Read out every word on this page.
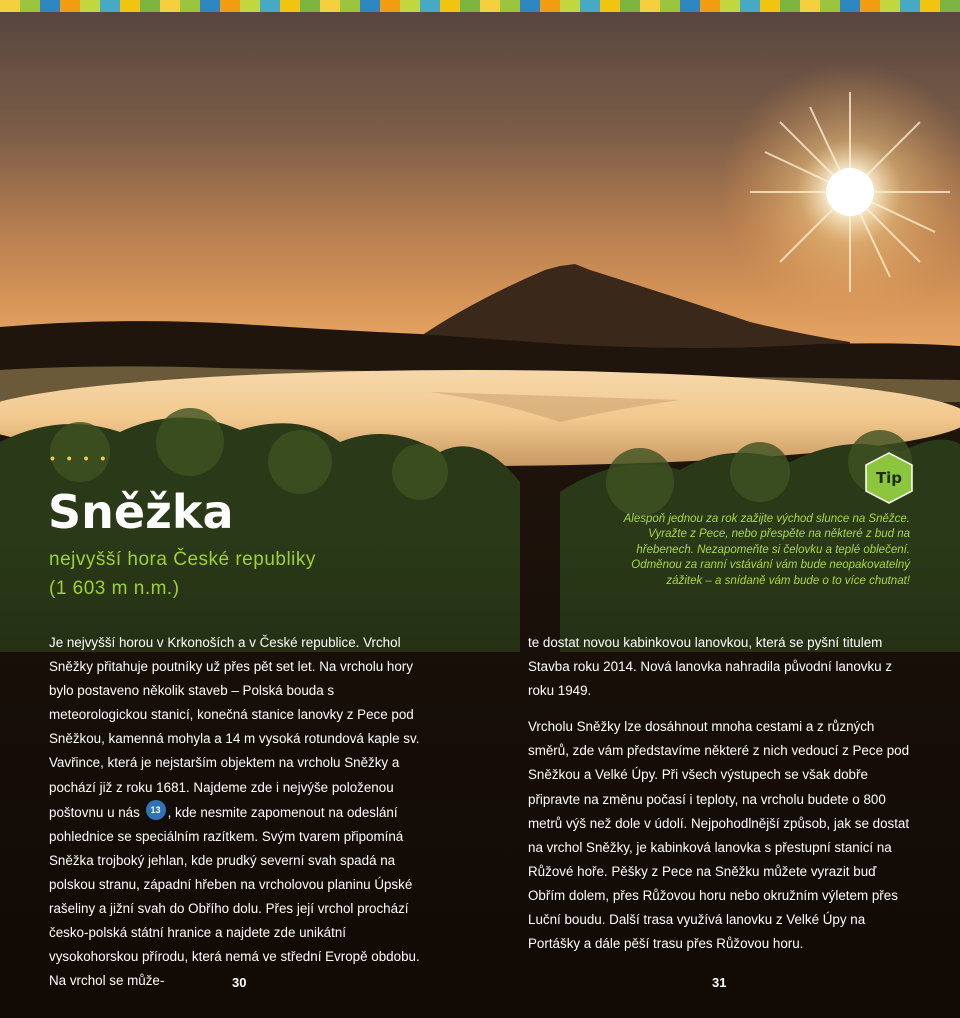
• • • •
Sněžka
nejvyšší hora České republiky
(1 603 m n.m.)
Tip
Alespoň jednou za rok zažijte východ slunce na Sněžce. Vyražte z Pece, nebo přespěte na některé z bud na hřebenech. Nezapomeňte si čelovku a teplé oblečení. Odměnou za ranní vstávání vám bude neopakovatelný zážitek – a snídaně vám bude o to více chutnat!

Je nejvyšší horou v Krkonoších a v České republice. Vrchol Sněžky přitahuje poutníky už přes pět set let. Na vrcholu hory bylo postaveno několik staveb – Polská bouda s meteorologickou stanicí, konečná stanice lanovky z Pece pod Sněžkou, kamenná mohyla a 14 m vysoká rotundová kaple sv. Vavřince, která je nejstarším objektem na vrcholu Sněžky a pochází již z roku 1681. Najdeme zde i nejvýše položenou poštovnu u nás 13 , kde nesmite zapomenout na odeslání pohlednice se speciálním razítkem. Svým tvarem připomíná Sněžka trojboký jehlan, kde prudký severní svah spadá na polskou stranu, západní hřeben na vrcholovou planinu Úpské rašeliny a jižní svah do Obřího dolu. Přes její vrchol prochází česko-polská státní hranice a najdete zde unikátní vysokohorskou přírodu, která nemá ve střední Evropě obdobu. Na vrchol se může-

te dostat novou kabinkovou lanovkou, která se pyšní titulem Stavba roku 2014. Nová lanovka nahradila původní lanovku z roku 1949.

Vrcholu Sněžky lze dosáhnout mnoha cestami a z různých směrů, zde vám představíme některé z nich vedoucí z Pece pod Sněžkou a Velké Úpy. Při všech výstupech se však dobře připravte na změnu počasí i teploty, na vrcholu budete o 800 metrů výš než dole v údolí. Nejpohodlnější způsob, jak se dostat na vrchol Sněžky, je kabinková lanovka s přestupní stanicí na Růžové hoře. Pěšky z Pece na Sněžku můžete vyrazit buď Obřím dolem, přes Růžovou horu nebo okružním výletem přes Luční boudu. Další trasa využívá lanovku z Velké Úpy na Portášky a dále pěší trasu přes Růžovou horu.

30	31
